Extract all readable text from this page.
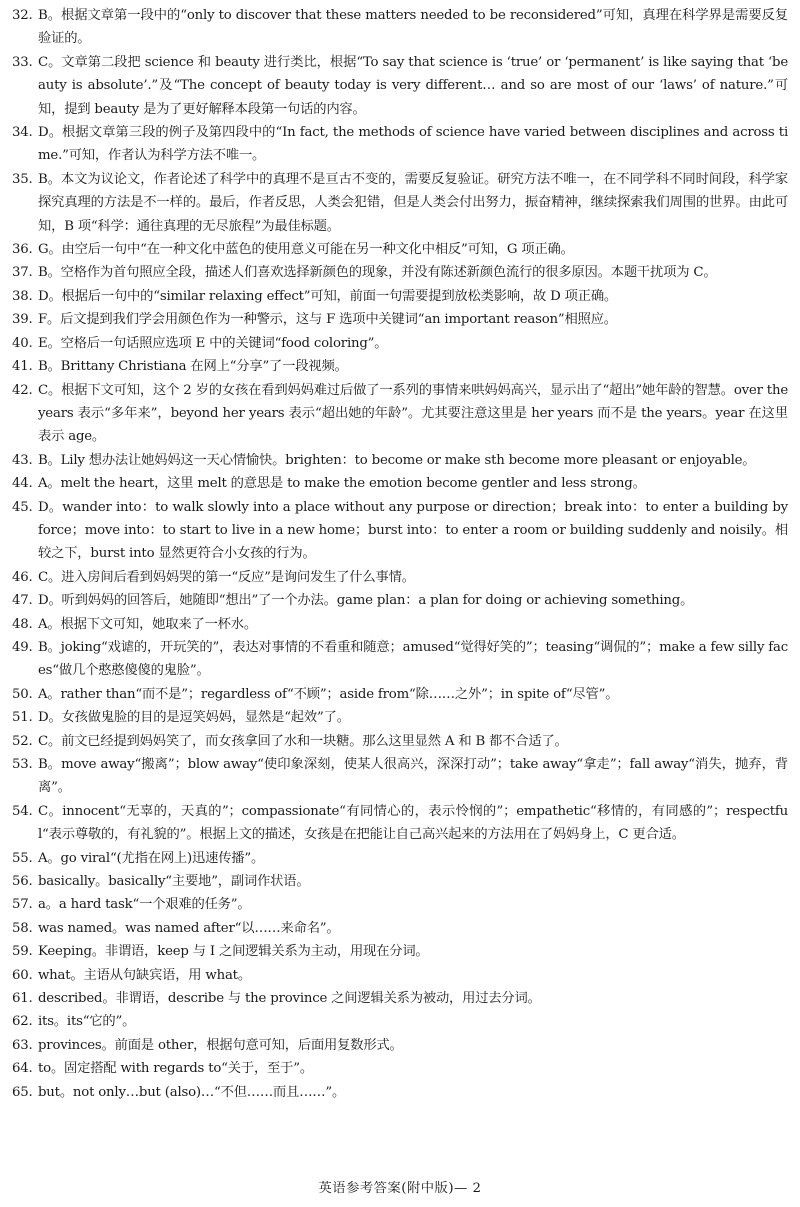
32. B。根据文章第一段中的“only to discover that these matters needed to be reconsidered”可知，真理在科学界是需要反复验证的。
33. C。文章第二段把 science 和 beauty 进行类比，根据“To say that science is ‘true’ or ‘permanent’ is like saying that ‘beauty is absolute’.”及“The concept of beauty today is very different… and so are most of our ‘laws’ of nature.”可知，提到 beauty 是为了更好解释本段第一句话的内容。
34. D。根据文章第三段的例子及第四段中的“In fact, the methods of science have varied between disciplines and across time.”可知，作者认为科学方法不唯一。
35. B。本文为议论文，作者论述了科学中的真理不是亘古不变的，需要反复验证。研究方法不唯一，在不同学科不同时间段，科学家探究真理的方法是不一样的。最后，作者反思，人类会犯错，但是人类会付出努力，振奋精神，继续探索我们周围的世界。由此可知，B 项“科学：通往真理的无尽旅程”为最佳标题。
36. G。由空后一句中“在一种文化中蓝色的使用意义可能在另一种文化中相反”可知，G 项正确。
37. B。空格作为首句照应全段，描述人们喜欢选择新颜色的现象，并没有陈述新颜色流行的很多原因。本题干扰项为 C。
38. D。根据后一句中的“similar relaxing effect”可知，前面一句需要提到放松类影响，故 D 项正确。
39. F。后文提到我们学会用颜色作为一种警示，这与 F 选项中关键词“an important reason”相照应。
40. E。空格后一句话照应选项 E 中的关键词“food coloring”。
41. B。Brittany Christiana 在网上“分享”了一段视频。
42. C。根据下文可知，这个 2 岁的女孩在看到妈妈难过后做了一系列的事情来哄妈妈高兴，显示出了“超出”她年龄的智慧。over the years 表示“多年来”，beyond her years 表示“超出她的年龄”。尤其要注意这里是 her years 而不是 the years。year 在这里表示 age。
43. B。Lily 想办法让她妈妈这一天心情愉快。brighten：to become or make sth become more pleasant or enjoyable。
44. A。melt the heart，这里 melt 的意思是 to make the emotion become gentler and less strong。
45. D。wander into：to walk slowly into a place without any purpose or direction；break into：to enter a building by force；move into：to start to live in a new home；burst into：to enter a room or building suddenly and noisily。相较之下，burst into 显然更符合小女孩的行为。
46. C。进入房间后看到妈妈哭的第一“反应”是询问发生了什么事情。
47. D。听到妈妈的回答后，她随即“想出”了一个办法。game plan：a plan for doing or achieving something。
48. A。根据下文可知，她取来了一杯水。
49. B。joking“戏谑的，开玩笑的”，表达对事情的不看重和随意；amused“觉得好笑的”；teasing“调侃的”；make a few silly faces“做几个憨憨傻傻的鬼脸”。
50. A。rather than“而不是”；regardless of“不顾”；aside from“除……之外”；in spite of“尽管”。
51. D。女孩做鬼脸的目的是逗笑妈妈，显然是“起效”了。
52. C。前文已经提到妈妈笑了，而女孩拿回了水和一块糖。那么这里显然 A 和 B 都不合适了。
53. B。move away“搬离”；blow away“使印象深刻，使某人很高兴，深深打动”；take away“拿走”；fall away“消失，抛弃，背离”。
54. C。innocent“无辜的，天真的”；compassionate“有同情心的，表示怜悯的”；empathetic“移情的，有同感的”；respectful“表示尊敬的，有礼貌的”。根据上文的描述，女孩是在把能让自己高兴起来的方法用在了妈妈身上，C 更合适。
55. A。go viral“(尤指在网上)迅速传播”。
56. basically。basically“主要地”，副词作状语。
57. a。a hard task“一个艰难的任务”。
58. was named。was named after“以……来命名”。
59. Keeping。非谓语，keep 与 I 之间逻辑关系为主动，用现在分词。
60. what。主语从句缺宾语，用 what。
61. described。非谓语，describe 与 the province 之间逻辑关系为被动，用过去分词。
62. its。its“它的”。
63. provinces。前面是 other，根据句意可知，后面用复数形式。
64. to。固定搭配 with regards to“关于，至于”。
65. but。not only…but (also)…“不但……而且……”。
英语参考答案(附中版)— 2
